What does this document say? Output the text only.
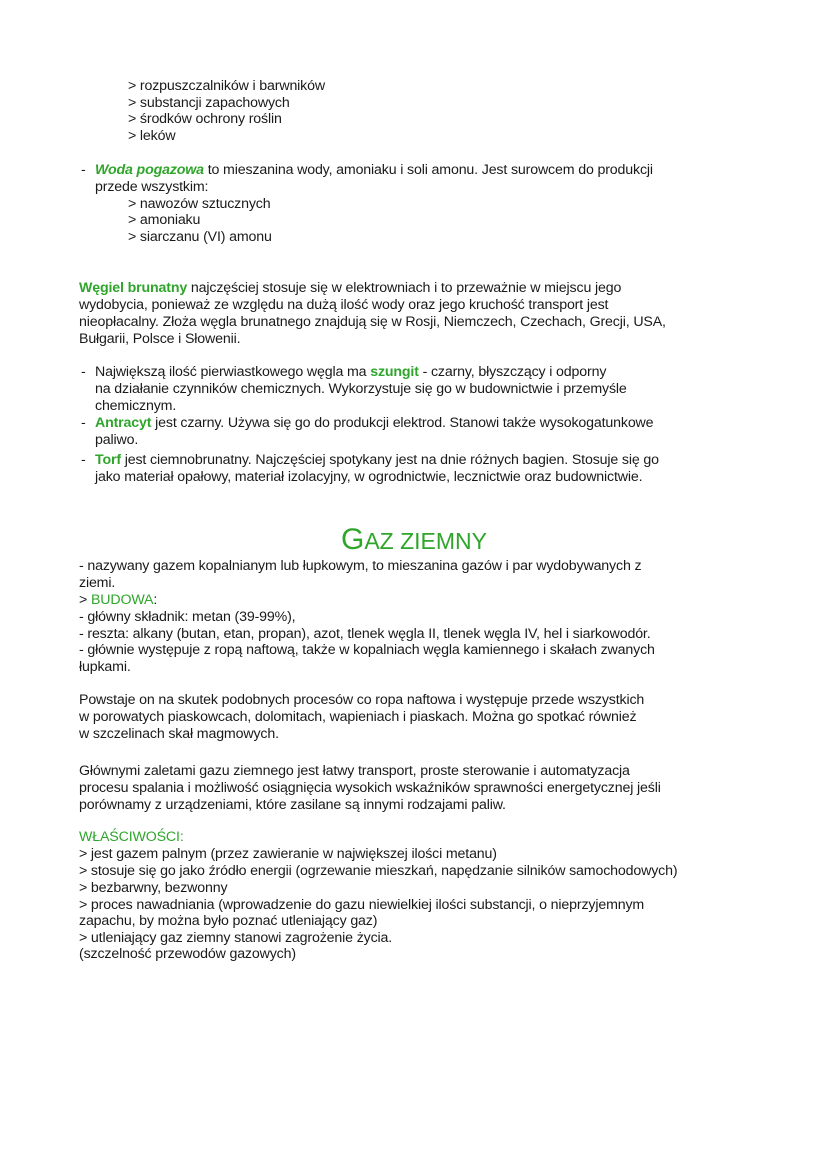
> rozpuszczalników i barwników
> substancji zapachowych
> środków ochrony roślin
> leków
- Woda pogazowa to mieszanina wody, amoniaku i soli amonu. Jest surowcem do produkcji
przede wszystkim:
> nawozów sztucznych
> amoniaku
> siarczanu (VI) amonu
Węgiel brunatny najczęściej stosuje się w elektrowniach i to przeważnie w miejscu jego
wydobycia, ponieważ ze względu na dużą ilość wody oraz jego kruchość transport jest
nieopłacalny. Złoża węgla brunatnego znajdują się w Rosji, Niemczech, Czechach, Grecji, USA,
Bułgarii, Polsce i Słowenii.
- Największą ilość pierwiastkowego węgla ma szungit - czarny, błyszczący i odporny
na działanie czynników chemicznych. Wykorzystuje się go w budownictwie i przemyśle
chemicznym.
- Antracyt jest czarny. Używa się go do produkcji elektrod. Stanowi także wysokogatunkowe
paliwo.
- Torf jest ciemnobrunatny. Najczęściej spotykany jest na dnie różnych bagien. Stosuje się go
jako materiał opałowy, materiał izolacyjny, w ogrodnictwie, lecznictwie oraz budownictwie.
GAZ ZIEMNY
- nazywany gazem kopalnianym lub łupkowym, to mieszanina gazów i par wydobywanych z
ziemi.
> BUDOWA:
- główny składnik: metan (39-99%),
- reszta: alkany (butan, etan, propan), azot, tlenek węgla II, tlenek węgla IV, hel i siarkowodór.
- głównie występuje z ropą naftową, także w kopalniach węgla kamiennego i skałach zwanych
łupkami.
Powstaje on na skutek podobnych procesów co ropa naftowa i występuje przede wszystkich
w porowatych piaskowcach, dolomitach, wapieniach i piaskach. Można go spotkać również
w szczelinach skał magmowych.
Głównymi zaletami gazu ziemnego jest łatwy transport, proste sterowanie i automatyzacja
procesu spalania i możliwość osiągnięcia wysokich wskaźników sprawności energetycznej jeśli
porównamy z urządzeniami, które zasilane są innymi rodzajami paliw.
WŁAŚCIWOŚCI:
> jest gazem palnym (przez zawieranie w największej ilości metanu)
> stosuje się go jako źródło energii (ogrzewanie mieszkań, napędzanie silników samochodowych)
> bezbarwny, bezwonny
> proces nawadniania (wprowadzenie do gazu niewielkiej ilości substancji, o nieprzyjemnym
zapachu, by można było poznać utleniający gaz)
> utleniający gaz ziemny stanowi zagrożenie życia.
(szczelność przewodów gazowych)
